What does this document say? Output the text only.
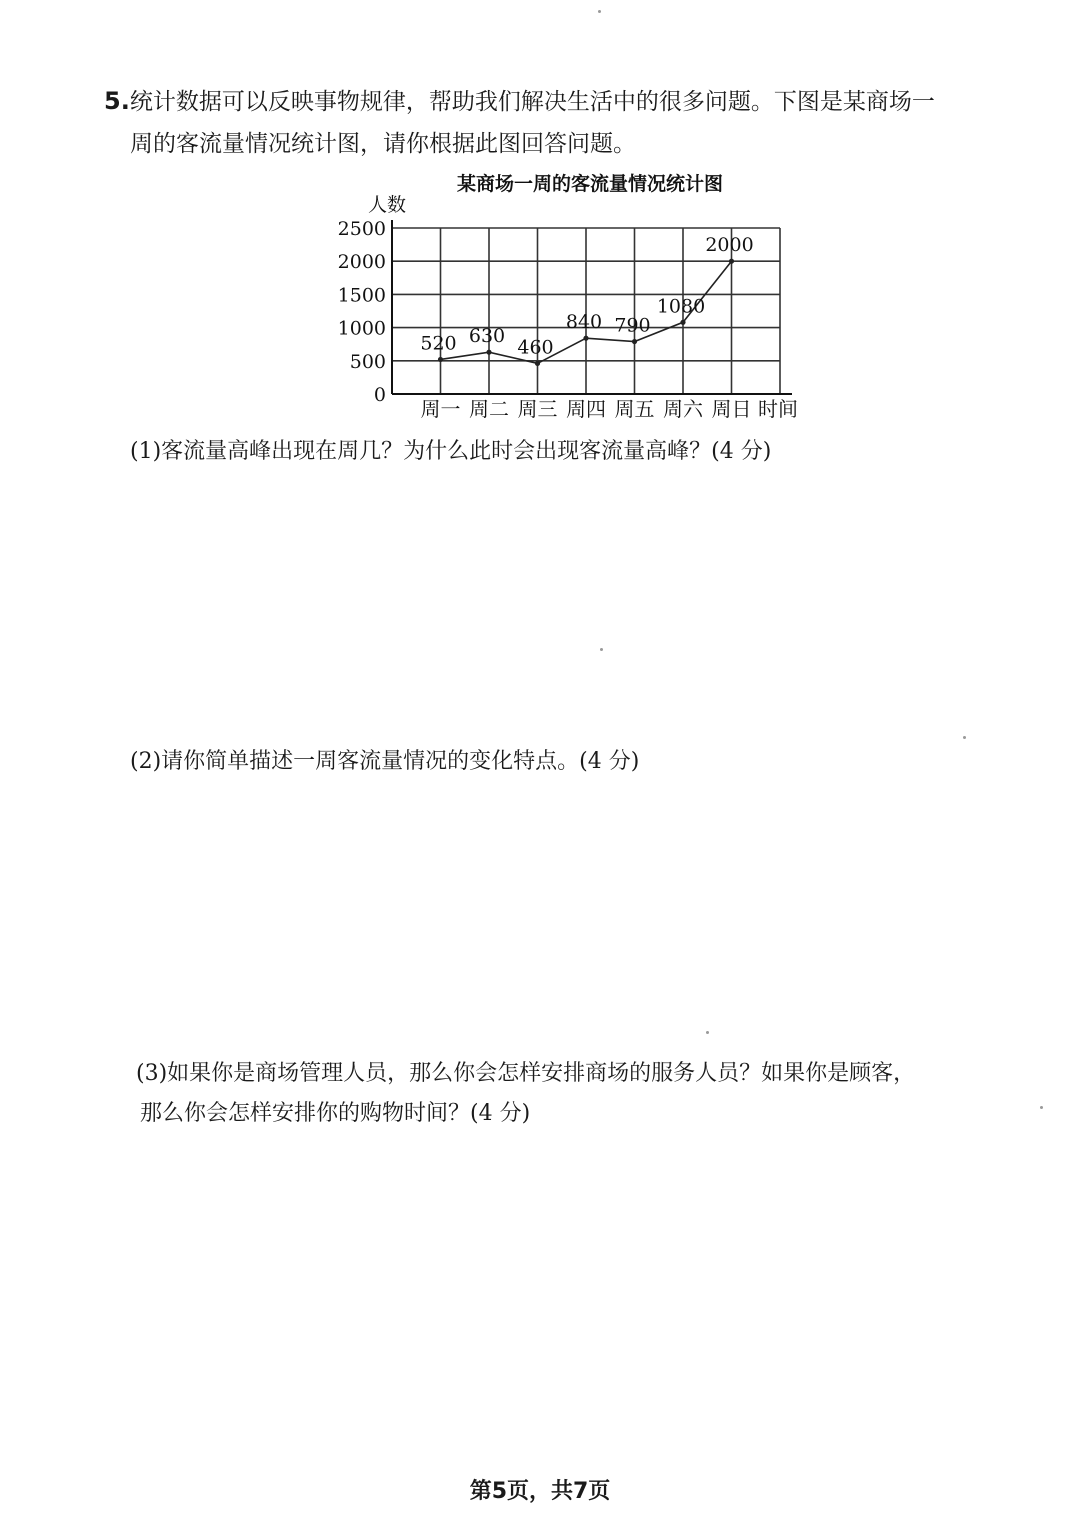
5.统计数据可以反映事物规律，帮助我们解决生活中的很多问题。下图是某商场一
周的客流量情况统计图，请你根据此图回答问题。
某商场一周的客流量情况统计图
人数
时间
0
500
1000
1500
2000
2500
周一 周二 周三 周四 周五 周六 周日
520 630
460
840 790
1080
2000
(1)客流量高峰出现在周几？为什么此时会出现客流量高峰？(4 分)
(2)请你简单描述一周客流量情况的变化特点。(4 分)
(3)如果你是商场管理人员，那么你会怎样安排商场的服务人员？如果你是顾客，
那么你会怎样安排你的购物时间？(4 分)
第5页，共7页
